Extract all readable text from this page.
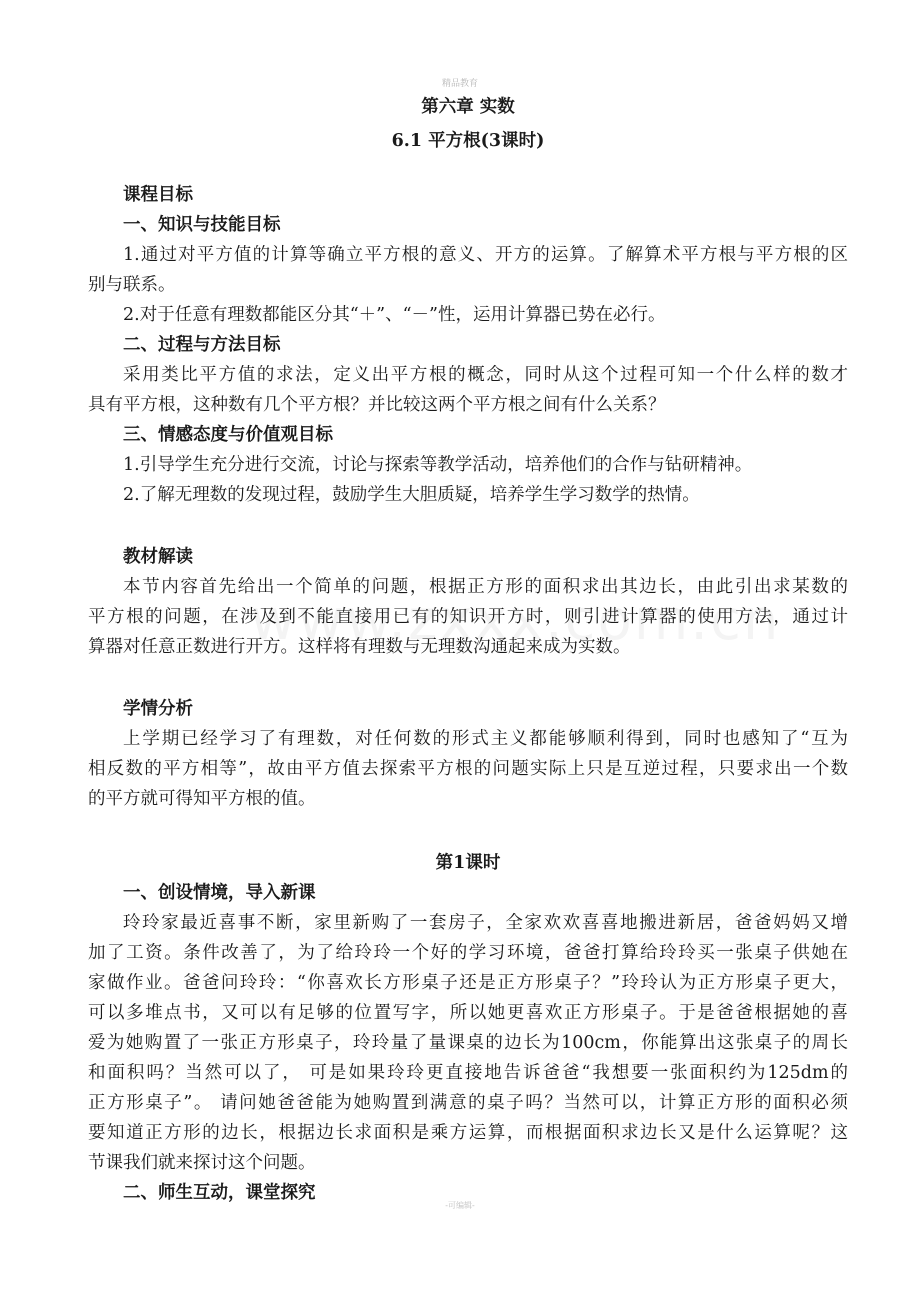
精品教育
第六章 实数
6.1 平方根(3课时)
课程目标
一、知识与技能目标
1.通过对平方值的计算等确立平方根的意义、开方的运算。了解算术平方根与平方根的区
别与联系。
2.对于任意有理数都能区分其“＋”、“－”性，运用计算器已势在必行。
二、过程与方法目标
采用类比平方值的求法，定义出平方根的概念，同时从这个过程可知一个什么样的数才
具有平方根，这种数有几个平方根？并比较这两个平方根之间有什么关系？
三、情感态度与价值观目标
1.引导学生充分进行交流，讨论与探索等教学活动，培养他们的合作与钻研精神。
2.了解无理数的发现过程，鼓励学生大胆质疑，培养学生学习数学的热情。
教材解读
本节内容首先给出一个简单的问题，根据正方形的面积求出其边长，由此引出求某数的
平方根的问题，在涉及到不能直接用已有的知识开方时，则引进计算器的使用方法，通过计
算器对任意正数进行开方。这样将有理数与无理数沟通起来成为实数。
学情分析
上学期已经学习了有理数，对任何数的形式主义都能够顺利得到，同时也感知了“互为
相反数的平方相等”，故由平方值去探索平方根的问题实际上只是互逆过程，只要求出一个数
的平方就可得知平方根的值。
第1课时
一、创设情境，导入新课
玲玲家最近喜事不断，家里新购了一套房子，全家欢欢喜喜地搬进新居，爸爸妈妈又增
加了工资。条件改善了，为了给玲玲一个好的学习环境，爸爸打算给玲玲买一张桌子供她在
家做作业。爸爸问玲玲：“你喜欢长方形桌子还是正方形桌子？”玲玲认为正方形桌子更大，
可以多堆点书，又可以有足够的位置写字，所以她更喜欢正方形桌子。于是爸爸根据她的喜
爱为她购置了一张正方形桌子，玲玲量了量课桌的边长为100cm，你能算出这张桌子的周长
和面积吗？当然可以了， 可是如果玲玲更直接地告诉爸爸“我想要一张面积约为125dm的
正方形桌子”。 请问她爸爸能为她购置到满意的桌子吗？当然可以，计算正方形的面积必须
要知道正方形的边长，根据边长求面积是乘方运算，而根据面积求边长又是什么运算呢？这
节课我们就来探讨这个问题。
二、师生互动，课堂探究
-可编辑-
